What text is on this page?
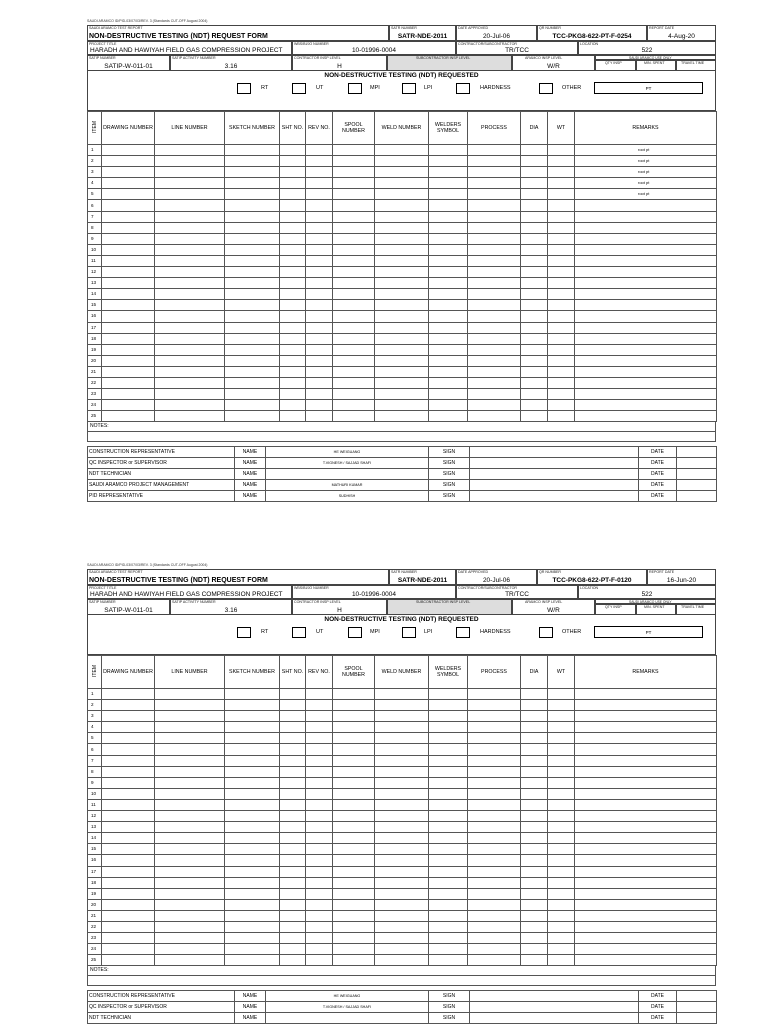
SAUDI ARAMCO ID/PID-03/07/03/REV. 3 (Standards CUT-OFF August 2004)
SAUDI ARAMCO TEST REPORT
NON-DESTRUCTIVE TESTING (NDT) REQUEST FORM
SATR NUMBER
SATR-NDE-2011
DATE APPROVED
20-Jul-06
QR NUMBER
TCC-PKG8-622-PT-F-0254
REPORT DATE
4-Aug-20
PROJECT TITLE
HARADH AND HAWIYAH FIELD GAS COMPRESSION PROJECT
WBS/BI/JO NUMBER
10-01996-0004
CONTRACTOR/SUBCONTRACTOR
TR/TCC
LOCATION
522
SATIP NUMBER
SATIP-W-011-01
SATIP ACTIVITY NUMBER
3.16
CONTRACTOR INSP LEVEL
H
SUBCONTRACTOR INSP LEVEL	ARAMCO INSP LEVEL
W/R
SAUDI ARAMCO USE ONLY
QTY INSP	MIN. SPENT	TRAVEL TIME
NON-DESTRUCTIVE TESTING (NDT) REQUESTED
RT	UT	MPI	LPI	HARDNESS	OTHER	PT
ITEM	DRAWING NUMBER	LINE NUMBER	SKETCH NUMBER	SHT NO.	REV NO.	SPOOL NUMBER	WELD NUMBER	WELDERS SYMBOL	PROCESS	DIA	WT	REMARKS
1												root pt
2												root pt
3												root pt
4												root pt
5												root pt
6												
7												
8												
9												
10												
11												
12												
13												
14												
15												
16												
17												
18												
19												
20												
21												
22												
23												
24												
25												
NOTES:
CONSTRUCTION REPRESENTATIVE	NAME	HE WEIGUANG	SIGN		DATE	
QC INSPECTOR or SUPERVISOR	NAME	T.VIGNESH / SAJJAD SHAFI	SIGN		DATE	
NDT TECHNICIAN	NAME		SIGN		DATE	
SAUDI ARAMCO PROJECT MANAGEMENT	NAME	MATHURI KUMAR	SIGN		DATE	
PID REPRESENTATIVE	NAME	SUDHISH	SIGN		DATE	
SAUDI ARAMCO ID/PID-03/07/03/REV. 3 (Standards CUT-OFF August 2004)
SAUDI ARAMCO TEST REPORT
NON-DESTRUCTIVE TESTING (NDT) REQUEST FORM
SATR NUMBER
SATR-NDE-2011
DATE APPROVED
20-Jul-06
QR NUMBER
TCC-PKG8-622-PT-F-0120
REPORT DATE
16-Jun-20
PROJECT TITLE
HARADH AND HAWIYAH FIELD GAS COMPRESSION PROJECT
WBS/BI/JO NUMBER
10-01996-0004
CONTRACTOR/SUBCONTRACTOR
TR/TCC
LOCATION
522
SATIP NUMBER
SATIP-W-011-01
SATIP ACTIVITY NUMBER
3.16
CONTRACTOR INSP LEVEL
H
SUBCONTRACTOR INSP LEVEL	ARAMCO INSP LEVEL
W/R
SAUDI ARAMCO USE ONLY
QTY INSP	MIN. SPENT	TRAVEL TIME
NON-DESTRUCTIVE TESTING (NDT) REQUESTED
RT	UT	MPI	LPI	HARDNESS	OTHER	PT
ITEM	DRAWING NUMBER	LINE NUMBER	SKETCH NUMBER	SHT NO.	REV NO.	SPOOL NUMBER	WELD NUMBER	WELDERS SYMBOL	PROCESS	DIA	WT	REMARKS
1												
2												
3												
4												
5												
6												
7												
8												
9												
10												
11												
12												
13												
14												
15												
16												
17												
18												
19												
20												
21												
22												
23												
24												
25												
NOTES:
CONSTRUCTION REPRESENTATIVE	NAME	HE WEIGUANG	SIGN		DATE	
QC INSPECTOR or SUPERVISOR	NAME	T.VIGNESH / SAJJAD SHAFI	SIGN		DATE	
NDT TECHNICIAN	NAME		SIGN		DATE	
